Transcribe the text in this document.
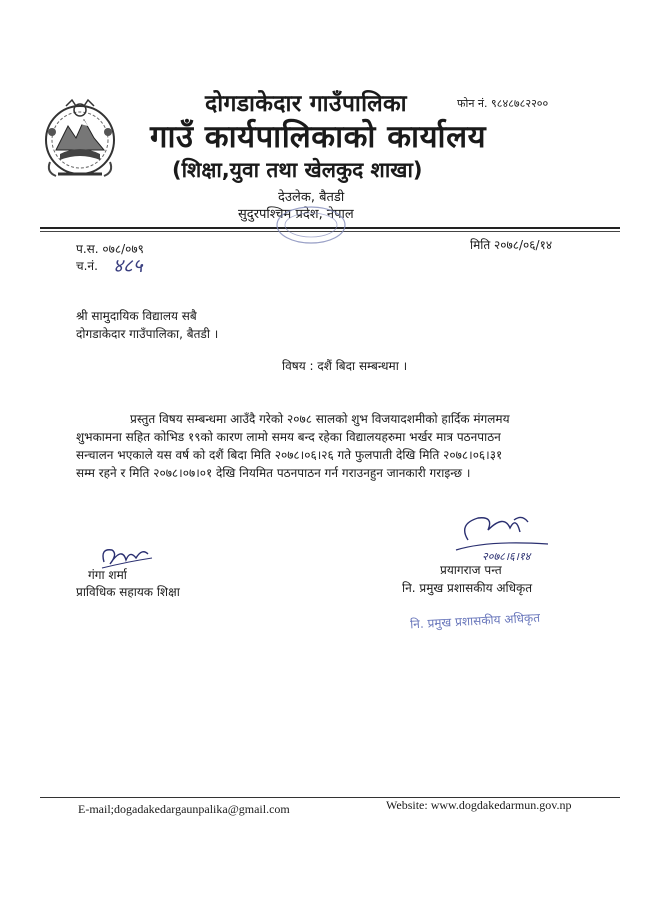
दोगडाकेदार गाउँपालिका	फोन नं. ९८४८७८२२००
गाउँ कार्यपालिकाको कार्यालय
(शिक्षा,युवा तथा खेलकुद शाखा)
देउलेक, बैतडी
सुदुरपश्चिम प्रदेश, नेपाल
प.स. ०७८/०७९
च.नं. ४८५
मिति २०७८/०६/१४
श्री सामुदायिक विद्यालय सबै
दोगडाकेदार गाउँपालिका, बैतडी ।
विषय : दशैं बिदा सम्बन्धमा ।
प्रस्तुत विषय सम्बन्धमा आउँदै गरेको २०७८ सालको शुभ विजयादशमीको हार्दिक मंगलमय
शुभकामना सहित कोभिड १९को कारण लामो समय बन्द रहेका विद्यालयहरुमा भर्खर मात्र पठनपाठन
सन्चालन भएकाले यस वर्ष को दशैं बिदा मिति २०७८।०६।२६ गते फुलपाती देखि मिति २०७८।०६।३१
सम्म रहने र मिति २०७८।०७।०१ देखि नियमित पठनपाठन गर्न गराउनहुन जानकारी गराइन्छ ।
गंगा शर्मा
प्राविधिक सहायक शिक्षा
२०७८।६।१४
प्रयागराज पन्त
नि. प्रमुख प्रशासकीय अधिकृत
नि. प्रमुख प्रशासकीय अधिकृत
E-mail;dogadakedargaunpalika@gmail.com	Website: www.dogdakedarmun.gov.np
